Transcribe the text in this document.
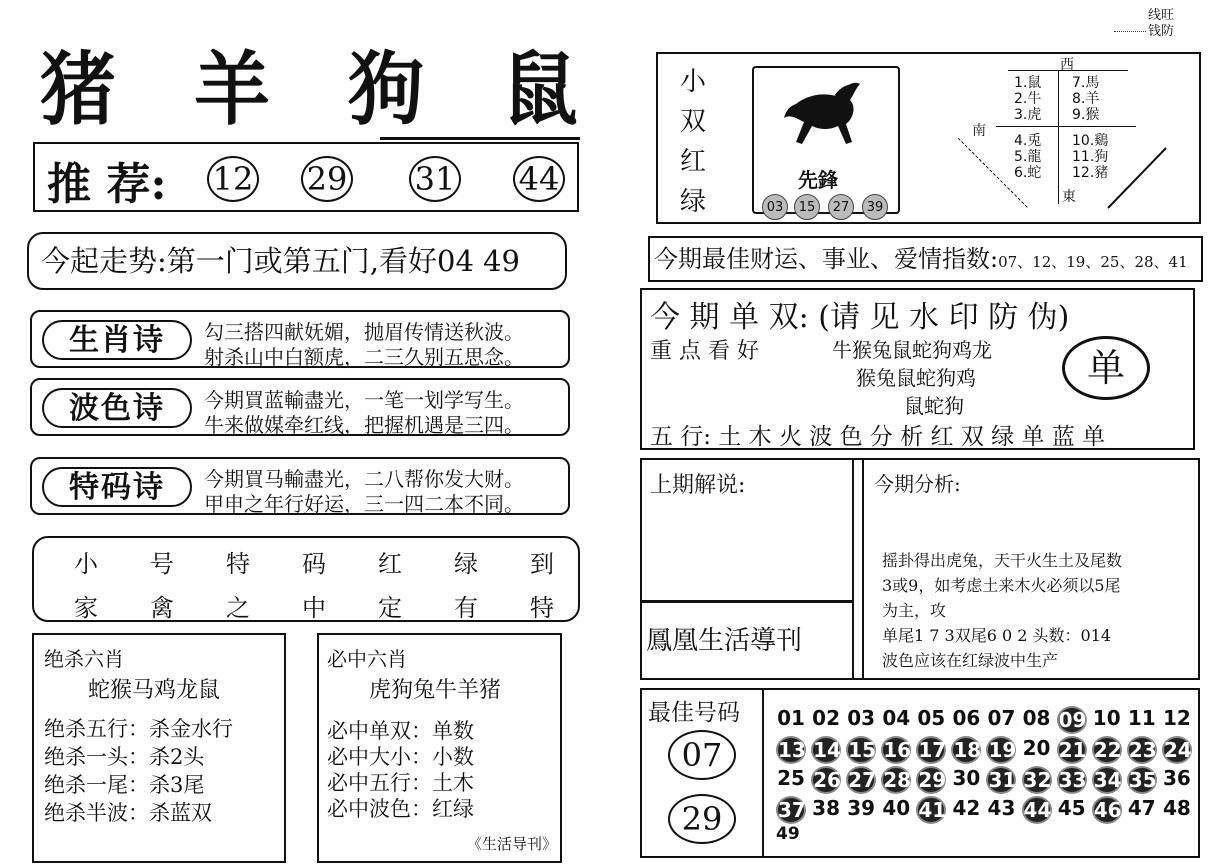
猪 羊 狗 鼠
推 荐: 12 29 31 44
今起走势:第一门或第五门,看好04 49
生肖诗	勾三搭四献妩媚，抛眉传情送秋波。
射杀山中白额虎，二三久别五思念。
波色诗	今期買蓝輸盡光，一笔一划学写生。
牛来做媒牵红线，把握机遇是三四。
特码诗	今期買马輸盡光，二八帮你发大财。
甲申之年行好运，三一四二本不同。
小 号 特 码 红 绿 到
家 禽 之 中 定 有 特
绝杀六肖
蛇猴马鸡龙鼠
绝杀五行：杀金水行
绝杀一头：杀2头
绝杀一尾：杀3尾
绝杀半波：杀蓝双
必中六肖
虎狗兔牛羊猪
必中单双：单数
必中大小：小数
必中五行：土木
必中波色：红绿
《生活导刊》
线旺
钱防
小
双
红
绿
先鋒
03	15	27	39
西
南
東
1.鼠
2.牛
3.虎
4.兎
5.龍
6.蛇
7.馬
8.羊
9.猴
10.鷄
11.狗
12.豬
今期最佳财运、事业、爱情指数:07、12、19、25、28、41
今 期 单 双: (请 见 水 印 防 伪)
重 点 看 好	牛猴兔鼠蛇狗鸡龙
猴兔鼠蛇狗鸡
鼠蛇狗
单
五 行: 土 木 火 波 色 分 析 红 双 绿 单 蓝 单
上期解说:
鳳凰生活導刊
今期分析:
摇卦得出虎兔，天干火生土及尾数
3或9，如考虑土来木火必须以5尾
为主，攻
单尾1 7 3双尾6 0 2 头数：014
波色应该在红绿波中生产
最佳号码
07
29
01 02 03 04 05 06 07 08 09 10 11 12
13 14 15 16 17 18 19 20 21 22 23 24
25 26 27 28 29 30 31 32 33 34 35 36
37 38 39 40 41 42 43 44 45 46 47 48
49
